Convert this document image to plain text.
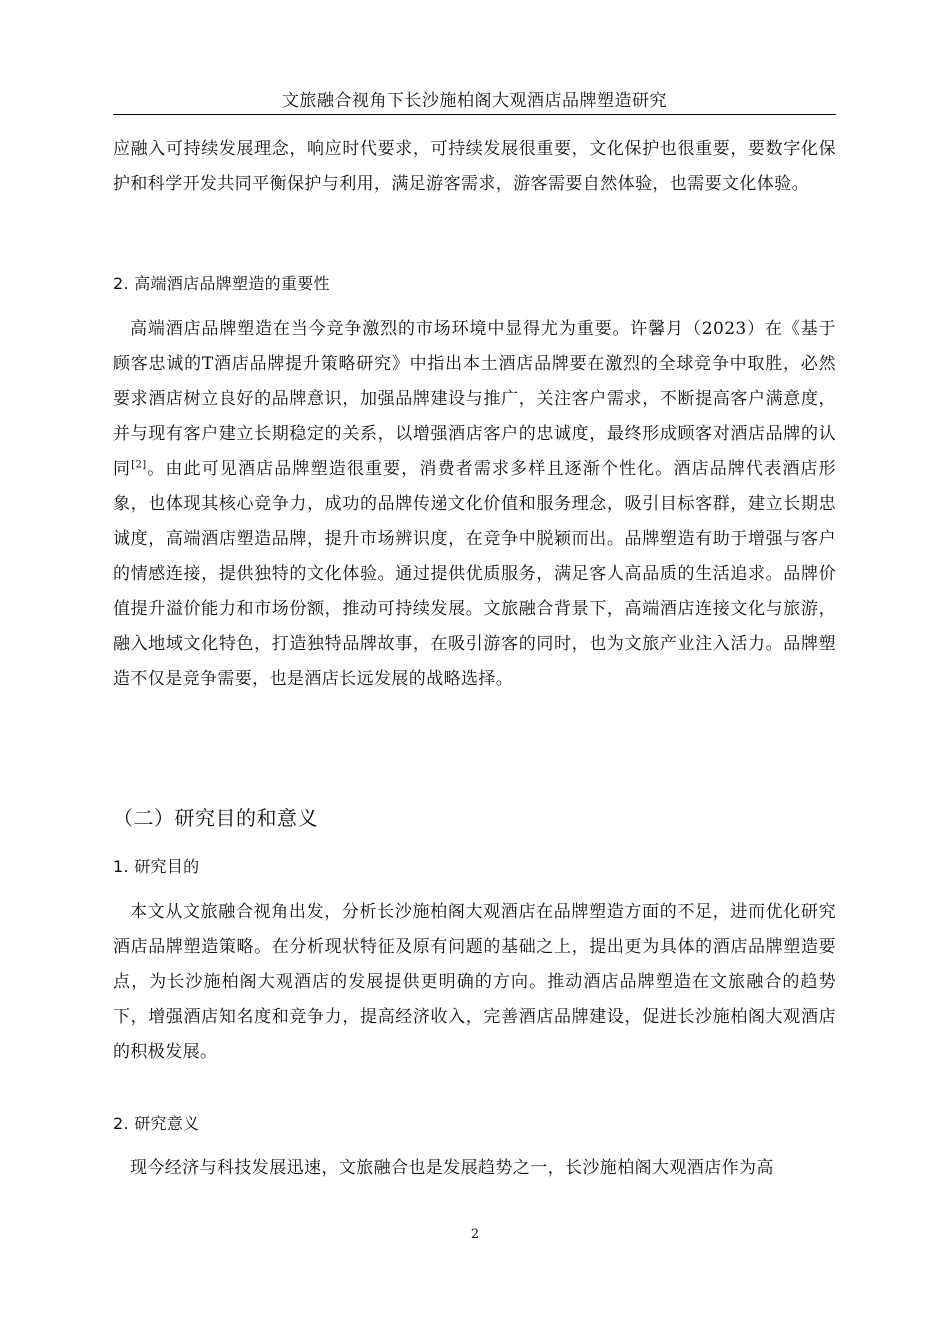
文旅融合视角下长沙施柏阁大观酒店品牌塑造研究
应融入可持续发展理念，响应时代要求，可持续发展很重要，文化保护也很重要，要数字化保护和科学开发共同平衡保护与利用，满足游客需求，游客需要自然体验，也需要文化体验。
2. 高端酒店品牌塑造的重要性
高端酒店品牌塑造在当今竞争激烈的市场环境中显得尤为重要。许馨月（2023）在《基于顾客忠诚的T酒店品牌提升策略研究》中指出本土酒店品牌要在激烈的全球竞争中取胜，必然要求酒店树立良好的品牌意识，加强品牌建设与推广，关注客户需求，不断提高客户满意度，并与现有客户建立长期稳定的关系，以增强酒店客户的忠诚度，最终形成顾客对酒店品牌的认同[2]。由此可见酒店品牌塑造很重要，消费者需求多样且逐渐个性化。酒店品牌代表酒店形象，也体现其核心竞争力，成功的品牌传递文化价值和服务理念，吸引目标客群，建立长期忠诚度，高端酒店塑造品牌，提升市场辨识度，在竞争中脱颖而出。品牌塑造有助于增强与客户的情感连接，提供独特的文化体验。通过提供优质服务，满足客人高品质的生活追求。品牌价值提升溢价能力和市场份额，推动可持续发展。文旅融合背景下，高端酒店连接文化与旅游，融入地域文化特色，打造独特品牌故事，在吸引游客的同时，也为文旅产业注入活力。品牌塑造不仅是竞争需要，也是酒店长远发展的战略选择。
（二）研究目的和意义
1. 研究目的
本文从文旅融合视角出发，分析长沙施柏阁大观酒店在品牌塑造方面的不足，进而优化研究酒店品牌塑造策略。在分析现状特征及原有问题的基础之上，提出更为具体的酒店品牌塑造要点，为长沙施柏阁大观酒店的发展提供更明确的方向。推动酒店品牌塑造在文旅融合的趋势下，增强酒店知名度和竞争力，提高经济收入，完善酒店品牌建设，促进长沙施柏阁大观酒店的积极发展。
2. 研究意义
现今经济与科技发展迅速，文旅融合也是发展趋势之一，长沙施柏阁大观酒店作为高
2
